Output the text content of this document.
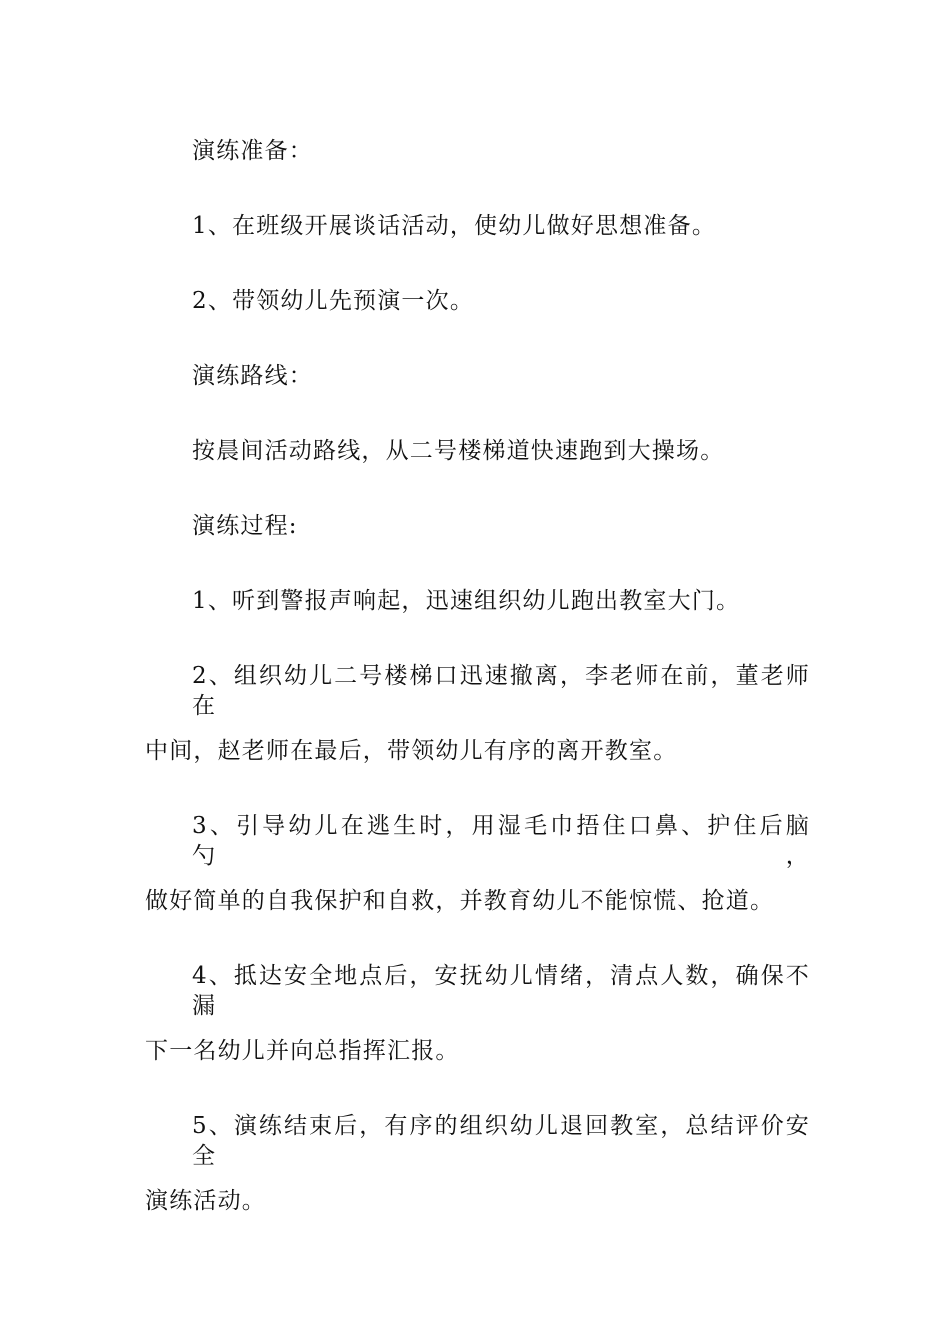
演练准备：
1、在班级开展谈话活动，使幼儿做好思想准备。
2、带领幼儿先预演一次。
演练路线：
按晨间活动路线，从二号楼梯道快速跑到大操场。
演练过程:
1、听到警报声响起，迅速组织幼儿跑出教室大门。
2、组织幼儿二号楼梯口迅速撤离，李老师在前，董老师在
中间，赵老师在最后，带领幼儿有序的离开教室。
3、引导幼儿在逃生时，用湿毛巾捂住口鼻、护住后脑勺，
做好简单的自我保护和自救，并教育幼儿不能惊慌、抢道。
4、抵达安全地点后，安抚幼儿情绪，清点人数，确保不漏
下一名幼儿并向总指挥汇报。
5、演练结束后，有序的组织幼儿退回教室，总结评价安全
演练活动。
